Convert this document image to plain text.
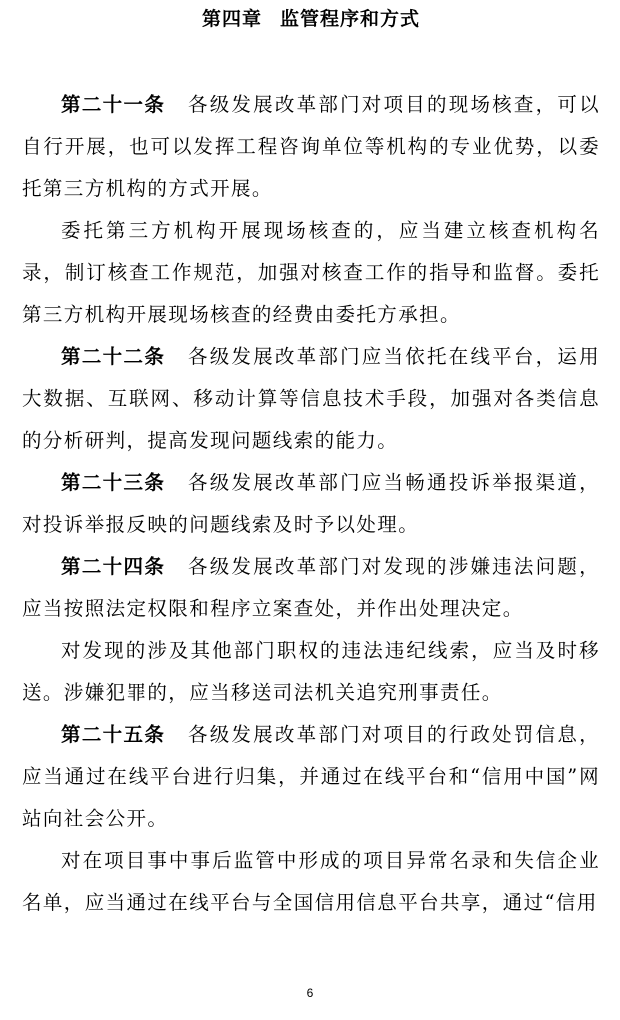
第四章 监管程序和方式

第二十一条 各级发展改革部门对项目的现场核查，可以自行开展，也可以发挥工程咨询单位等机构的专业优势，以委托第三方机构的方式开展。

委托第三方机构开展现场核查的，应当建立核查机构名录，制订核查工作规范，加强对核查工作的指导和监督。委托第三方机构开展现场核查的经费由委托方承担。

第二十二条 各级发展改革部门应当依托在线平台，运用大数据、互联网、移动计算等信息技术手段，加强对各类信息的分析研判，提高发现问题线索的能力。

第二十三条 各级发展改革部门应当畅通投诉举报渠道，对投诉举报反映的问题线索及时予以处理。

第二十四条 各级发展改革部门对发现的涉嫌违法问题，应当按照法定权限和程序立案查处，并作出处理决定。

对发现的涉及其他部门职权的违法违纪线索，应当及时移送。涉嫌犯罪的，应当移送司法机关追究刑事责任。

第二十五条 各级发展改革部门对项目的行政处罚信息，应当通过在线平台进行归集，并通过在线平台和“信用中国”网站向社会公开。

对在项目事中事后监管中形成的项目异常名录和失信企业名单，应当通过在线平台与全国信用信息平台共享，通过“信用

6
